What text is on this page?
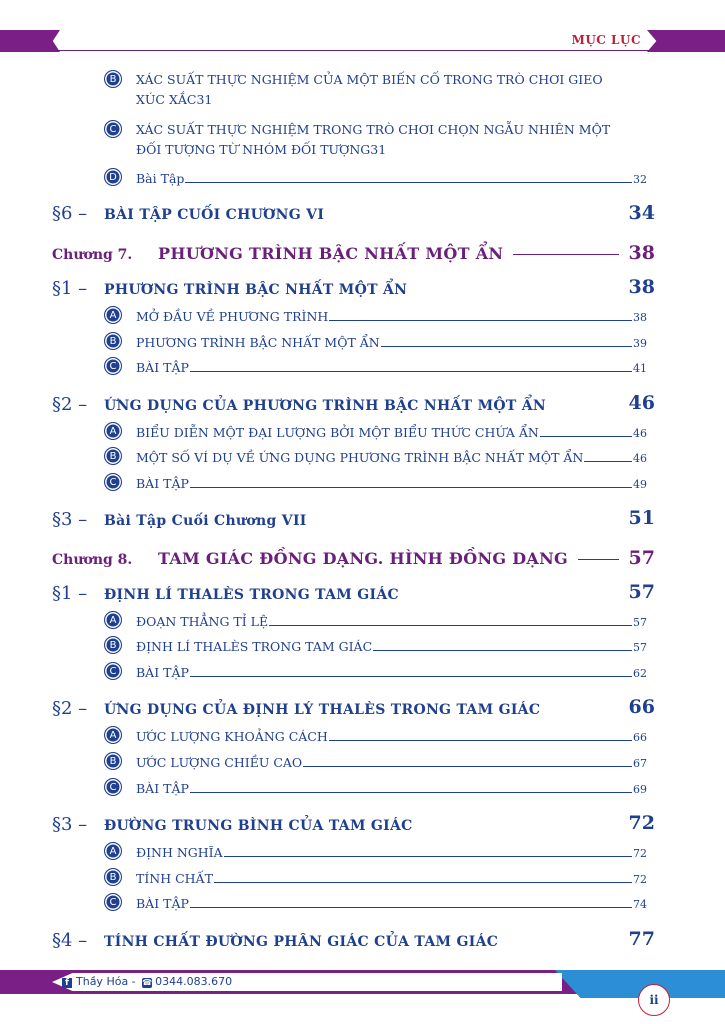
MỤC LỤC
B	XÁC SUẤT THỰC NGHIỆM CỦA MỘT BIẾN CỐ TRONG TRÒ CHƠI GIEO
XÚC XẮC 31
C	XÁC SUẤT THỰC NGHIỆM TRONG TRÒ CHƠI CHỌN NGẪU NHIÊN MỘT
ĐỐI TƯỢNG TỪ NHÓM ĐỐI TƯỢNG 31
D	Bài Tập	32
§6 – BÀI TẬP CUỐI CHƯƠNG VI	34
Chương 7.	PHƯƠNG TRÌNH BẬC NHẤT MỘT ẨN	38
§1 – PHƯƠNG TRÌNH BẬC NHẤT MỘT ẨN	38
A	MỞ ĐẦU VỀ PHƯƠNG TRÌNH	38
B	PHƯƠNG TRÌNH BẬC NHẤT MỘT ẨN	39
C	BÀI TẬP	41
§2 – ỨNG DỤNG CỦA PHƯƠNG TRÌNH BẬC NHẤT MỘT ẨN	46
A	BIỂU DIỄN MỘT ĐẠI LƯỢNG BỞI MỘT BIỂU THỨC CHỨA ẨN	46
B	MỘT SỐ VÍ DỤ VỀ ỨNG DỤNG PHƯƠNG TRÌNH BẬC NHẤT MỘT ẨN	46
C	BÀI TẬP	49
§3 – Bài Tập Cuối Chương VII	51
Chương 8.	TAM GIÁC ĐỒNG DẠNG. HÌNH ĐỒNG DẠNG	57
§1 – ĐỊNH LÍ THALÈS TRONG TAM GIÁC	57
A	ĐOẠN THẲNG TỈ LỆ	57
B	ĐỊNH LÍ THALÈS TRONG TAM GIÁC	57
C	BÀI TẬP	62
§2 – ỨNG DỤNG CỦA ĐỊNH LÝ THALÈS TRONG TAM GIÁC	66
A	ƯỚC LƯỢNG KHOẢNG CÁCH	66
B	ƯỚC LƯỢNG CHIỀU CAO	67
C	BÀI TẬP	69
§3 – ĐƯỜNG TRUNG BÌNH CỦA TAM GIÁC	72
A	ĐỊNH NGHĨA	72
B	TÍNH CHẤT	72
C	BÀI TẬP	74
§4 – TÍNH CHẤT ĐƯỜNG PHÂN GIÁC CỦA TAM GIÁC	77
f Thầy Hóa - ☎ 0344.083.670
ii
